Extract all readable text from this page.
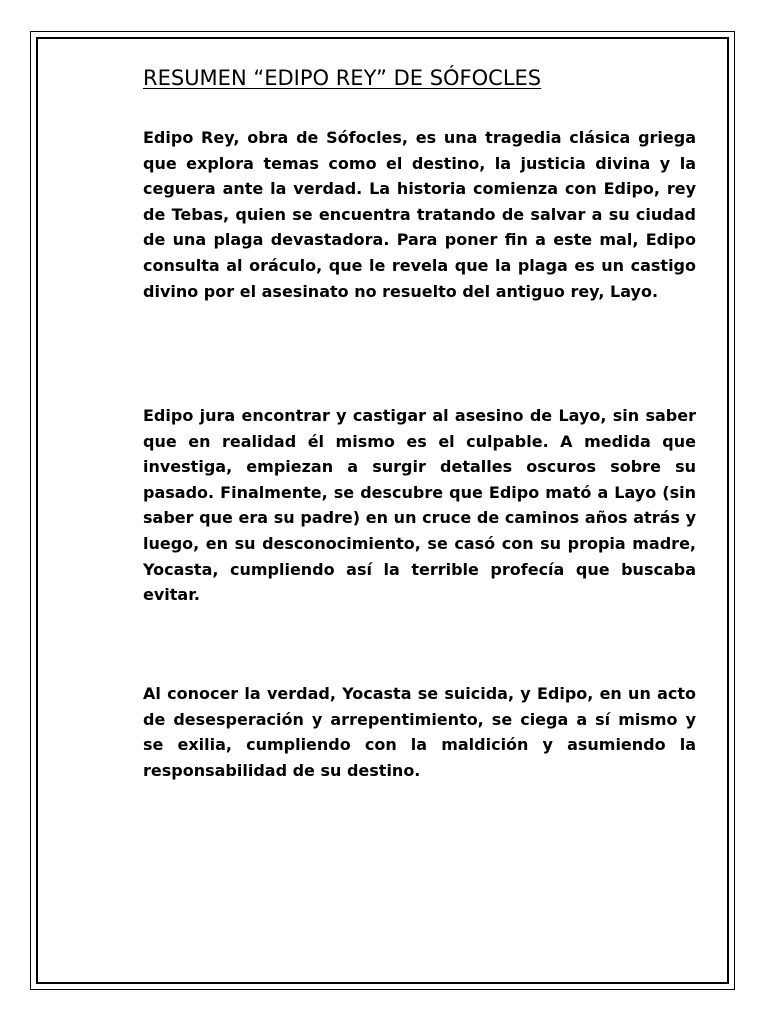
RESUMEN “EDIPO REY” DE SÓFOCLES

Edipo Rey, obra de Sófocles, es una tragedia clásica griega que explora temas como el destino, la justicia divina y la ceguera ante la verdad. La historia comienza con Edipo, rey de Tebas, quien se encuentra tratando de salvar a su ciudad de una plaga devastadora. Para poner fin a este mal, Edipo consulta al oráculo, que le revela que la plaga es un castigo divino por el asesinato no resuelto del antiguo rey, Layo.

Edipo jura encontrar y castigar al asesino de Layo, sin saber que en realidad él mismo es el culpable. A medida que investiga, empiezan a surgir detalles oscuros sobre su pasado. Finalmente, se descubre que Edipo mató a Layo (sin saber que era su padre) en un cruce de caminos años atrás y luego, en su desconocimiento, se casó con su propia madre, Yocasta, cumpliendo así la terrible profecía que buscaba evitar.

Al conocer la verdad, Yocasta se suicida, y Edipo, en un acto de desesperación y arrepentimiento, se ciega a sí mismo y se exilia, cumpliendo con la maldición y asumiendo la responsabilidad de su destino.
